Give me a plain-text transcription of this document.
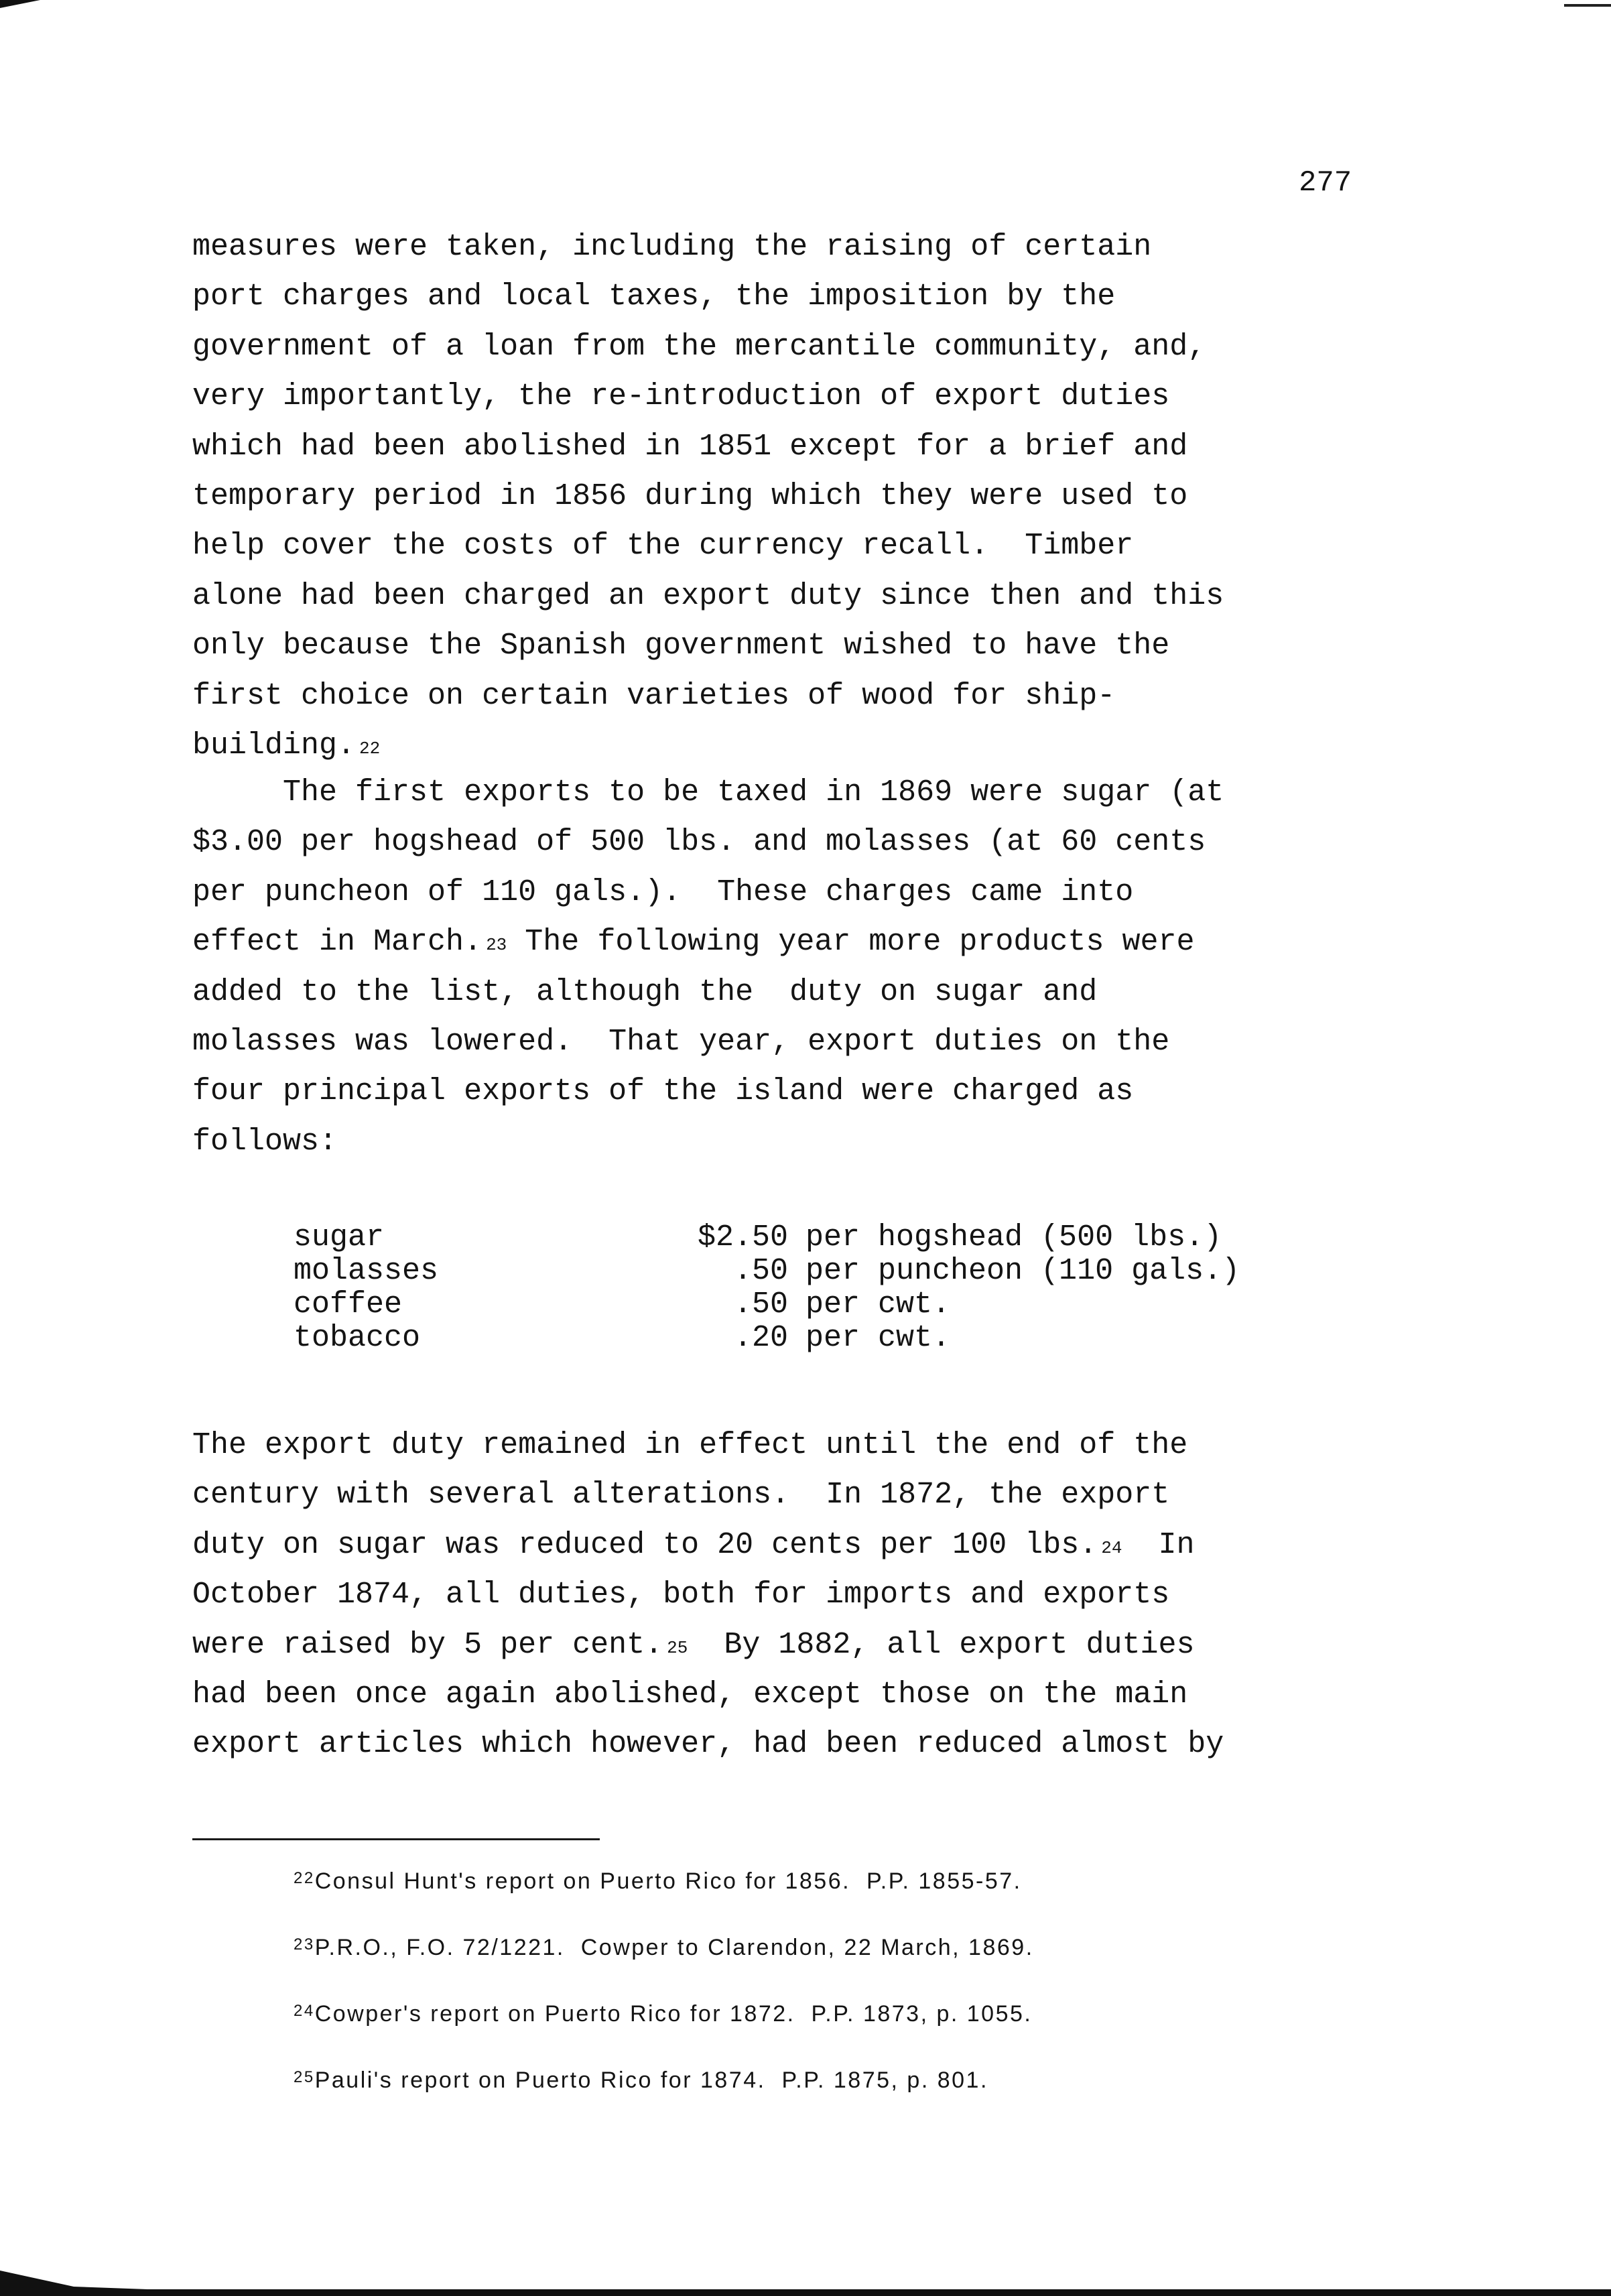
277
measures were taken, including the raising of certain
port charges and local taxes, the imposition by the
government of a loan from the mercantile community, and,
very importantly, the re-introduction of export duties
which had been abolished in 1851 except for a brief and
temporary period in 1856 during which they were used to
help cover the costs of the currency recall.  Timber
alone had been charged an export duty since then and this
only because the Spanish government wished to have the
first choice on certain varieties of wood for ship-
building. $^{22}$
The first exports to be taxed in 1869 were sugar (at
$3.00 per hogshead of 500 lbs. and molasses (at 60 cents
per puncheon of 110 gals.).  These charges came into
effect in March. $^{23}$ The following year more products were
added to the list, although the  duty on sugar and
molasses was lowered.  That year, export duties on the
four principal exports of the island were charged as
follows:
sugar	$2.50 per hogshead (500 lbs.)
molasses	.50 per puncheon (110 gals.)
coffee	.50 per cwt.
tobacco	.20 per cwt.
The export duty remained in effect until the end of the
century with several alterations.  In 1872, the export
duty on sugar was reduced to 20 cents per 100 lbs. $^{24}$  In
October 1874, all duties, both for imports and exports
were raised by 5 per cent. $^{25}$  By 1882, all export duties
had been once again abolished, except those on the main
export articles which however, had been reduced almost by
$^{22}$Consul Hunt's report on Puerto Rico for 1856.  P.P. 1855-57.
$^{23}$P.R.O., F.O. 72/1221.  Cowper to Clarendon, 22 March, 1869.
$^{24}$Cowper's report on Puerto Rico for 1872.  P.P. 1873, p. 1055.
$^{25}$Pauli's report on Puerto Rico for 1874.  P.P. 1875, p. 801.
